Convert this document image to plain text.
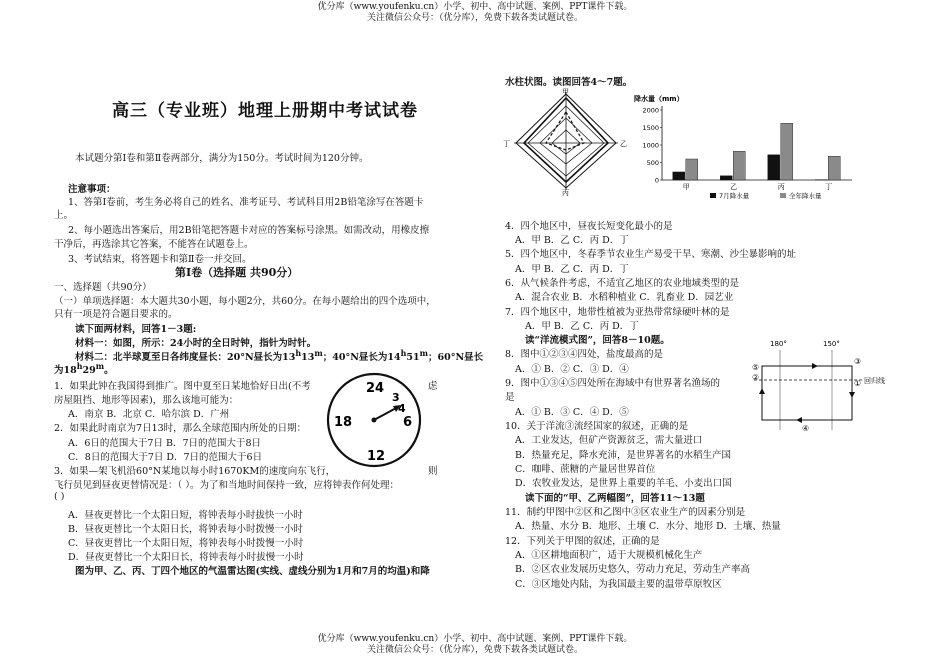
优分库（www.youfenku.cn）小学、初中、高中试题、案例、PPT课件下载。
关注微信公众号：（优分库），免费下载各类试题试卷。
高三（专业班）地理上册期中考试试卷
本试题分第Ⅰ卷和第Ⅱ卷两部分，满分为150分。考试时间为120分钟。
注意事项：
1、答第Ⅰ卷前，考生务必将自己的姓名、准考证号、考试科目用2B铅笔涂写在答题卡
上。
2、每小题选出答案后，用2B铅笔把答题卡对应的答案标号涂黑。如需改动，用橡皮擦
干净后，再选涂其它答案，不能答在试题卷上。
3、考试结束，将答题卡和第Ⅱ卷一并交回。
第Ⅰ卷（选择题 共90分）
一、选择题（共90分）
（一）单项选择题：本大题共30小题，每小题2分，共60分。在每小题给出的四个选项中，
只有一项是符合题目要求的。
读下面两材料，回答1－3题:
材料一：如图，所示：24小时的全日时钟，指针为时针。
材料二：北半球夏至日各纬度昼长：20°N昼长为13$^h$13$^m$；40°N昼长为14$^h$51$^m$；60°N昼长
为18$^h$29$^m$。
1．如果此钟在我国得到推广。图中夏至日某地恰好日出(不考	虑
房屋阻挡、地形等因素)，那么该地可能为：
A．南京 B．北京 C．哈尔滨 D．广州
2．如果此时南京为7日13时，那么全球范围内所处的日期：
A．6日的范围大于7日 B．7日的范围大于8日
C．8日的范围大于7日 D．7日的范围大于6日
3．如果—架飞机沿60°N某地以每小时1670KM的速度向东飞行，	则
飞行员见到昼夜更替情况是：（ ）。为了和当地时间保持一致，应将钟表作何处理：
( )
A．昼夜更替比一个太阳日短，将钟表每小时拔快一小时
B．昼夜更替比一个太阳日长，将钟表每小时拨慢一小时
C．昼夜更替比一个太阳日短，将钟表每小时拨慢一小时
D．昼夜更替比一个太阳日长，将钟表每小时拔慢一小时
图为甲、乙、丙、丁四个地区的气温雷达图(实线、虚线分别为1月和7月的均温)和降
24
18	6
12
3
4
水柱状图。读图回答4～7题。
甲
乙
丁
丙
降水量（mm）
0
500
1000
1500
2000
甲	乙	丙	丁
7月降水量	全年降水量
4．四个地区中，昼夜长短变化最小的是
A．甲 B．乙 C．丙 D．丁
5．四个地区中，冬春季节农业生产易受干旱、寒潮、沙尘暴影响的址
A．甲 B．乙 C．丙 D．丁
6．从气候条件考虑，不适宜乙地区的农业地域类型的是
A．混合农业 B．水稻种植业 C．乳畜业 D．园艺业
7．四个地区中，地带性植被为亚热带常绿硬叶林的是
A．甲 B．乙 C．丙 D．丁
读“洋流模式图”，回答8－10题。
8．图中①②③④四处，盐度最高的是
A．① B．② C．③ D．④
9．图中①③④⑤四处所在海域中有世界著名渔场的
是
A．① B．③ C．④ D．⑤
10．关于洋流③流经国家的叙述，正确的是
A．工业发达，但矿产资源贫乏，需大量进口
B．热量充足，降水充沛，是世界著名的水稻生产国
C．咖啡、蔗糖的产量居世界首位
D．农牧业发达，是世界上重要的羊毛、小麦出口国
读下面的“甲、乙两幅图”，回答11～13题
11．制约甲图中②区和乙图中③区农业生产的因素分别是
A．热量、水分 B．地形、土壤 C．水分、地形 D．土壤、热量
12．下列关于甲图的叙述，正确的是
A．①区耕地面积广，适于大规模机械化生产
B．②区农业发展历史悠久，劳动力充足，劳动生产率高
C．③区地处内陆，为我国最主要的温带草原牧区
180°	150°
回归线
①
②
⑤
③
④
优分库（www.youfenku.cn）小学、初中、高中试题、案例、PPT课件下载。
关注微信公众号：（优分库），免费下载各类试题试卷。
